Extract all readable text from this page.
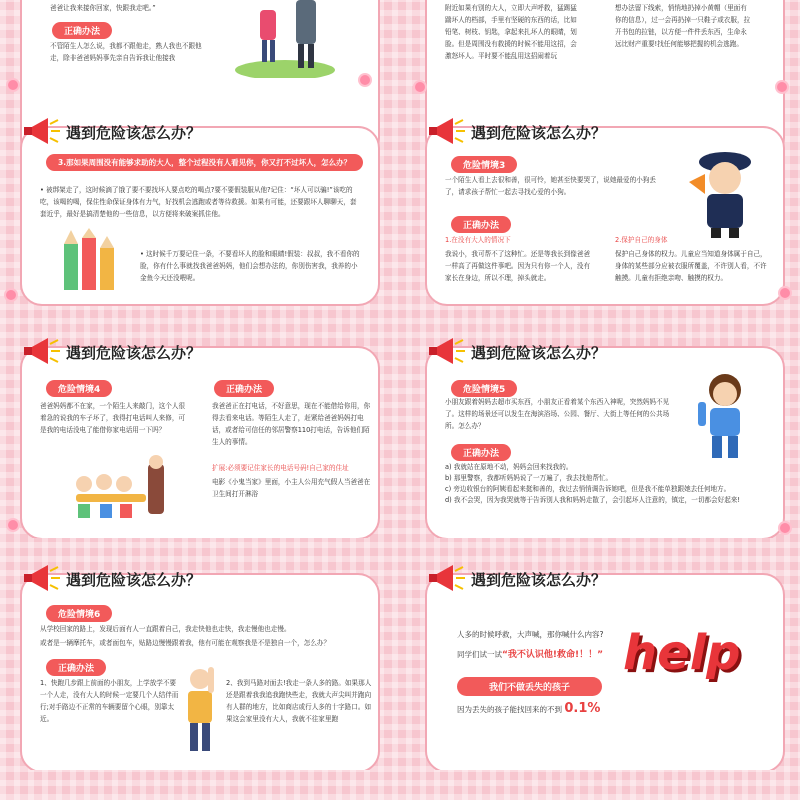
爸爸让我来接你回家，快跟我走吧。”
正确办法
不管陌生人怎么说，我都不跟他走，熟人我也不跟他走，除非爸爸妈妈事先亲自告诉我让他接我
附近如果有别的大人，立即大声呼救，猛踢猛
踹坏人的档部，手里有坚硬的东西的话，比如
铅笔、树枝、钥匙，拿起来扎坏人的眼睛，划
脸。但是周围没有救援的时候不能用这招，会
激怒坏人。平时要不能乱用这招闹着玩
想办法留下线索，悄悄地扔掉小黄帽（里面有
你的信息），过一会再扔掉一只鞋子或衣服，拉
开书包的拉链，以方便一件件丢东西，生命永
远比财产重要!找任何能够把握的机会逃跑。
遇到危险该怎么办？
3.那如果周围没有能够求助的大人，整个过程没有人看见你，你又打不过坏人，怎么办？
• 被绑架走了，这时候滴了饿了要不要找坏人要点吃的喝点?要不要假装服从他?记住：“坏人可以骗!”该吃的吃，该喝的喝，保住性命保证身体有力气，好找机会逃跑或者等待救援。如果有可能，还要跟坏人聊聊天，套套近乎，最好是搞清楚他的一些信息，以方便将来破案抓住他。
• 这时候千万要记住一条，不要看坏人的脸和眼睛!假装：叔叔，我不看你的脸，你有什么事就找我爸爸妈妈，他们会想办法的，你别伤害我，我养的小金鱼今天还没喂呢。
遇到危险该怎么办？
危险情境3
一个陌生人看上去很和善，很可怜，她甚至快要哭了，说她最爱的小狗丢了，请求孩子帮忙一起去寻找心爱的小狗。
正确办法
1.在没有大人的情况下
我说小，我可帮不了这种忙。还是等我长到像爸爸一样高了再做这件事吧。因为只有你一个人，没有家长在身边，所以不理，掉头就走。
2.保护自己的身体
保护自己身体的权力。儿童应当知道身体属于自己，身体的某些部分应被衣服所覆盖，不许别人看，不许触摸。儿童有拒绝亲吻、触摸的权力。
遇到危险该怎么办？
危险情境4
爸爸妈妈都不在家，一个陌生人来敲门，这个人很着急的说我的车子坏了，我得打电话叫人来修，可是我的电话没电了能借你家电话用一下吗？
正确办法
我爸爸正在打电话，不好意思，现在不能借给你用，你得去看来电话。等陌生人走了，赶紧给爸爸妈妈打电话，或者给可信任的邻居警察110打电话，告诉他们陌生人的事情。
扩展:必须要记住家长的电话号码!自己家的住址
电影《小鬼当家》里面，小主人公用充气假人当爸爸在卫生间打开淋浴
遇到危险该怎么办？
危险情境5
小朋友跟着妈妈去超市买东西，小朋友正看着某个东西入神呢，突然妈妈不见了。这样的场景还可以发生在海滨浴场、公园、餐厅、大街上等任何的公共场所。怎么办？
正确办法
a) 我就站在原地不动，妈妈会回来找我的。
b) 那里警察，我都听妈妈说了一万遍了，我去找他帮忙。
c) 旁边收银台的阿姨看起来挺和善的，我过去悄悄调告诉她吧，但是我不能单独跟她去任何地方。
d) 我不会哭，因为我哭就等于告诉别人我和妈妈走散了，会引起坏人注意的，镇定，一切都会好起来!
遇到危险该怎么办？
危险情境6
从学校回家的路上，发现后面有人一直跟着自己，我走快他也走快，我走慢他也走慢。
或者是一辆摩托车，或者面包车，贴路边慢慢跟着我，他有可能在观察我是不是独自一个，怎么办？
正确办法
1、快跑几步跟上前面的小朋友，上学放学不要一个人走，没有大人的时候一定要几个人结伴而行;对手路边不正常的车辆要留个心眼，别靠太近。
2、我到马路对面去!我走一条人多的路。如果那人还是跟着我我追我跑快些走，我就大声尖叫并跑向有人群的地方，比如商店或行人多的十字路口。如果这会家里没有大人，我就不往家里跑
遇到危险该怎么办？
人多的时候呼救，大声喊，那你喊什么内容?
同学们试一试“我不认识他!救命!！！”
我们不做丢失的孩子
因为丢失的孩子能找回来的不到 0.1%
help
